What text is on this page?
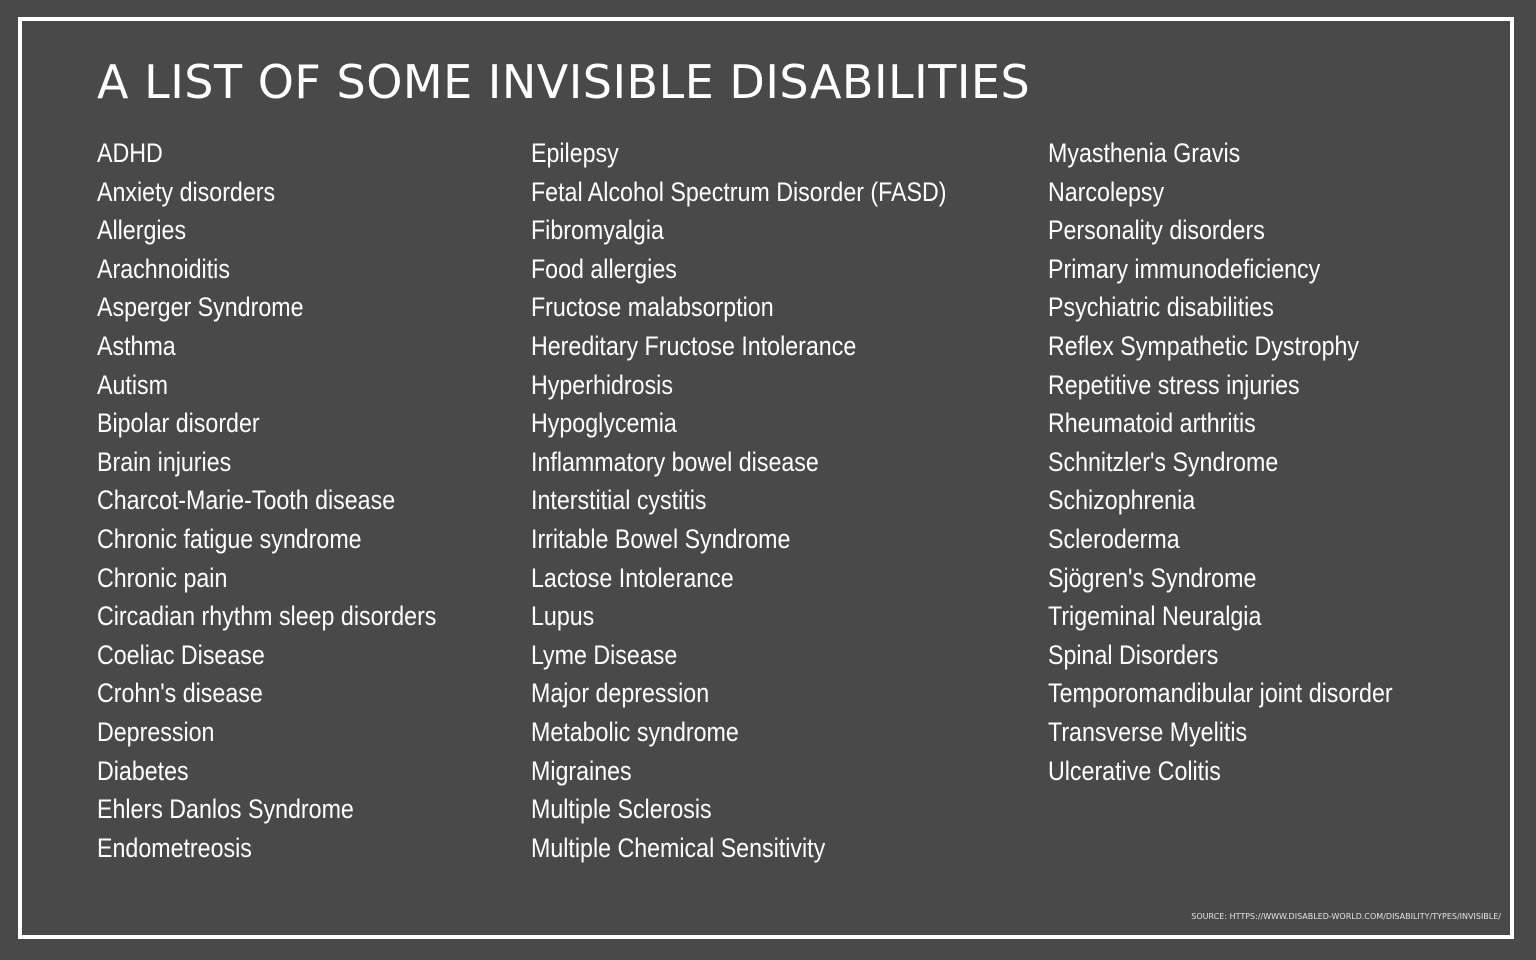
A LIST OF SOME INVISIBLE DISABILITIES
ADHD
Anxiety disorders
Allergies
Arachnoiditis
Asperger Syndrome
Asthma
Autism
Bipolar disorder
Brain injuries
Charcot-Marie-Tooth disease
Chronic fatigue syndrome
Chronic pain
Circadian rhythm sleep disorders
Coeliac Disease
Crohn's disease
Depression
Diabetes
Ehlers Danlos Syndrome
Endometreosis
Epilepsy
Fetal Alcohol Spectrum Disorder (FASD)
Fibromyalgia
Food allergies
Fructose malabsorption
Hereditary Fructose Intolerance
Hyperhidrosis
Hypoglycemia
Inflammatory bowel disease
Interstitial cystitis
Irritable Bowel Syndrome
Lactose Intolerance
Lupus
Lyme Disease
Major depression
Metabolic syndrome
Migraines
Multiple Sclerosis
Multiple Chemical Sensitivity
Myasthenia Gravis
Narcolepsy
Personality disorders
Primary immunodeficiency
Psychiatric disabilities
Reflex Sympathetic Dystrophy
Repetitive stress injuries
Rheumatoid arthritis
Schnitzler's Syndrome
Schizophrenia
Scleroderma
Sjögren's Syndrome
Trigeminal Neuralgia
Spinal Disorders
Temporomandibular joint disorder
Transverse Myelitis
Ulcerative Colitis
SOURCE: HTTPS://WWW.DISABLED-WORLD.COM/DISABILITY/TYPES/INVISIBLE/
